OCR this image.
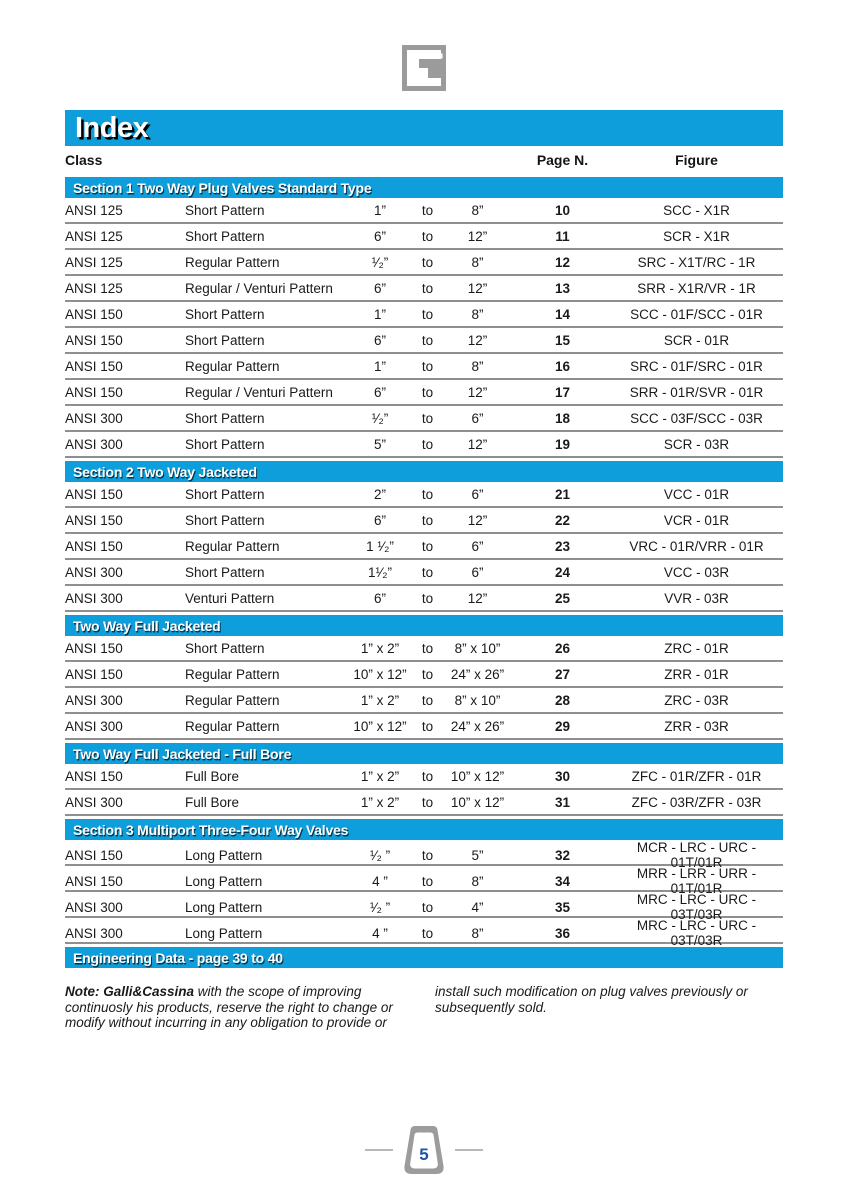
Index
Class	Page N.	Figure
Section 1 Two Way Plug Valves Standard Type
ANSI 125	Short Pattern	1”	to	8”	10	SCC - X1R
ANSI 125	Short Pattern	6”	to	12”	11	SCR - X1R
ANSI 125	Regular Pattern	¹⁄₂”	to	8”	12	SRC - X1T/RC - 1R
ANSI 125	Regular / Venturi Pattern	6”	to	12”	13	SRR - X1R/VR - 1R
ANSI 150	Short Pattern	1”	to	8”	14	SCC - 01F/SCC - 01R
ANSI 150	Short Pattern	6”	to	12”	15	SCR - 01R
ANSI 150	Regular Pattern	1”	to	8”	16	SRC - 01F/SRC - 01R
ANSI 150	Regular / Venturi Pattern	6”	to	12”	17	SRR - 01R/SVR - 01R
ANSI 300	Short Pattern	¹⁄₂”	to	6”	18	SCC - 03F/SCC - 03R
ANSI 300	Short Pattern	5”	to	12”	19	SCR - 03R
Section 2 Two Way Jacketed
ANSI 150	Short Pattern	2”	to	6”	21	VCC - 01R
ANSI 150	Short Pattern	6”	to	12”	22	VCR - 01R
ANSI 150	Regular Pattern	1 ¹⁄₂”	to	6”	23	VRC - 01R/VRR - 01R
ANSI 300	Short Pattern	1¹⁄₂”	to	6”	24	VCC - 03R
ANSI 300	Venturi Pattern	6”	to	12”	25	VVR - 03R
Two Way Full Jacketed
ANSI 150	Short Pattern	1” x 2”	to	8” x 10”	26	ZRC - 01R
ANSI 150	Regular Pattern	10” x 12”	to	24” x 26”	27	ZRR - 01R
ANSI 300	Regular Pattern	1” x 2”	to	8” x 10”	28	ZRC - 03R
ANSI 300	Regular Pattern	10” x 12”	to	24” x 26”	29	ZRR - 03R
Two Way Full Jacketed - Full Bore
ANSI 150	Full Bore	1” x 2”	to	10” x 12”	30	ZFC - 01R/ZFR - 01R
ANSI 300	Full Bore	1” x 2”	to	10” x 12”	31	ZFC - 03R/ZFR - 03R
Section 3 Multiport Three-Four Way Valves
ANSI 150	Long Pattern	¹⁄₂ ”	to	5”	32	MCR - LRC - URC - 01T/01R
ANSI 150	Long Pattern	4 ”	to	8”	34	MRR - LRR - URR - 01T/01R
ANSI 300	Long Pattern	¹⁄₂ ”	to	4”	35	MRC - LRC - URC - 03T/03R
ANSI 300	Long Pattern	4 ”	to	8”	36	MRC - LRC - URC - 03T/03R
Engineering Data - page 39 to 40
Note: Galli&Cassina with the scope of improving continuosly his products, reserve the right to change or modify without incurring in any obligation to provide or
install such modification on plug valves previously or subsequently sold.
5
